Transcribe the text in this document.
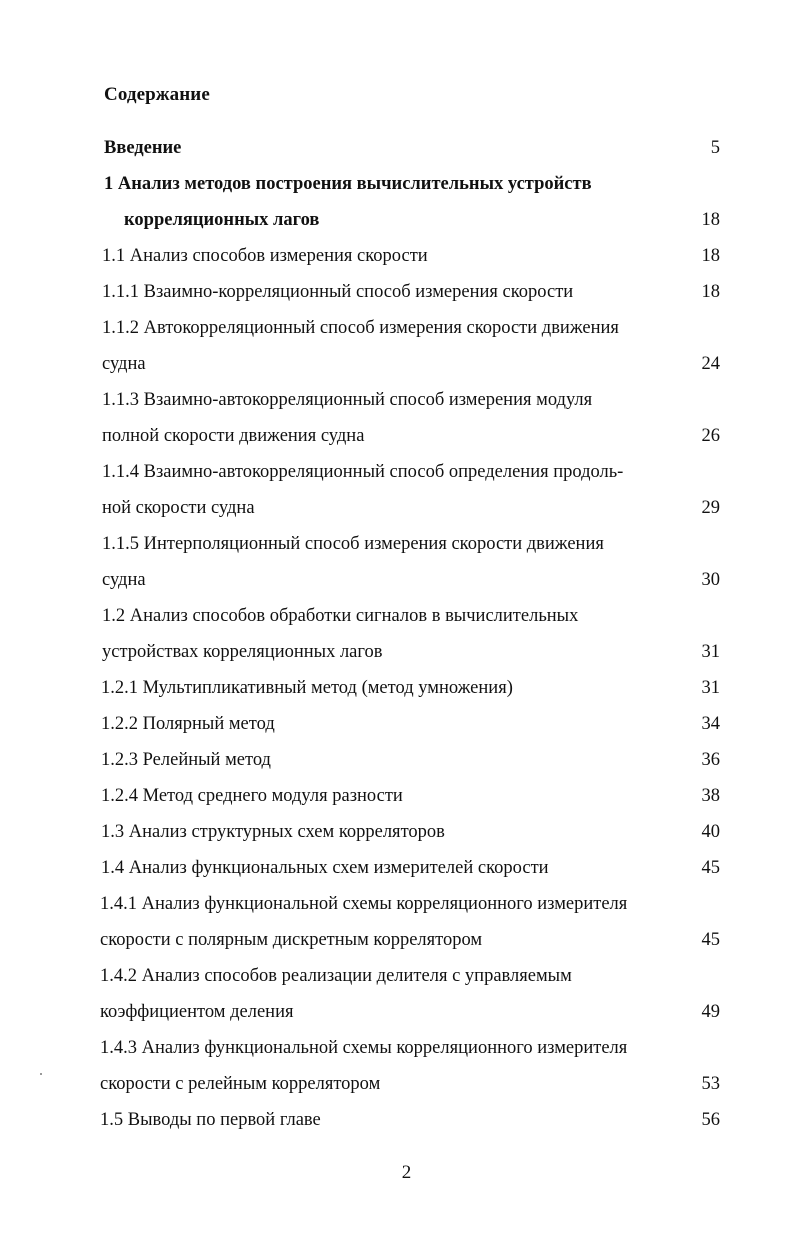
Содержание
Введение	5
1 Анализ методов построения вычислительных устройств
корреляционных лагов	18
1.1 Анализ способов измерения скорости	18
1.1.1 Взаимно-корреляционный способ измерения скорости	18
1.1.2 Автокорреляционный способ измерения скорости движения
судна	24
1.1.3 Взаимно-автокорреляционный способ измерения модуля
полной скорости движения судна	26
1.1.4 Взаимно-автокорреляционный способ определения продоль-
ной скорости судна	29
1.1.5 Интерполяционный способ измерения скорости движения
судна	30
1.2 Анализ способов обработки сигналов в вычислительных
устройствах корреляционных лагов	31
1.2.1 Мультипликативный метод (метод умножения)	31
1.2.2 Полярный метод	34
1.2.3 Релейный метод	36
1.2.4 Метод среднего модуля разности	38
1.3 Анализ структурных схем корреляторов	40
1.4 Анализ функциональных схем измерителей скорости	45
1.4.1 Анализ функциональной схемы корреляционного измерителя
скорости с полярным дискретным коррелятором	45
1.4.2 Анализ способов реализации делителя с управляемым
коэффициентом деления	49
1.4.3 Анализ функциональной схемы корреляционного измерителя
скорости с релейным коррелятором	53
1.5 Выводы по первой главе	56
2
